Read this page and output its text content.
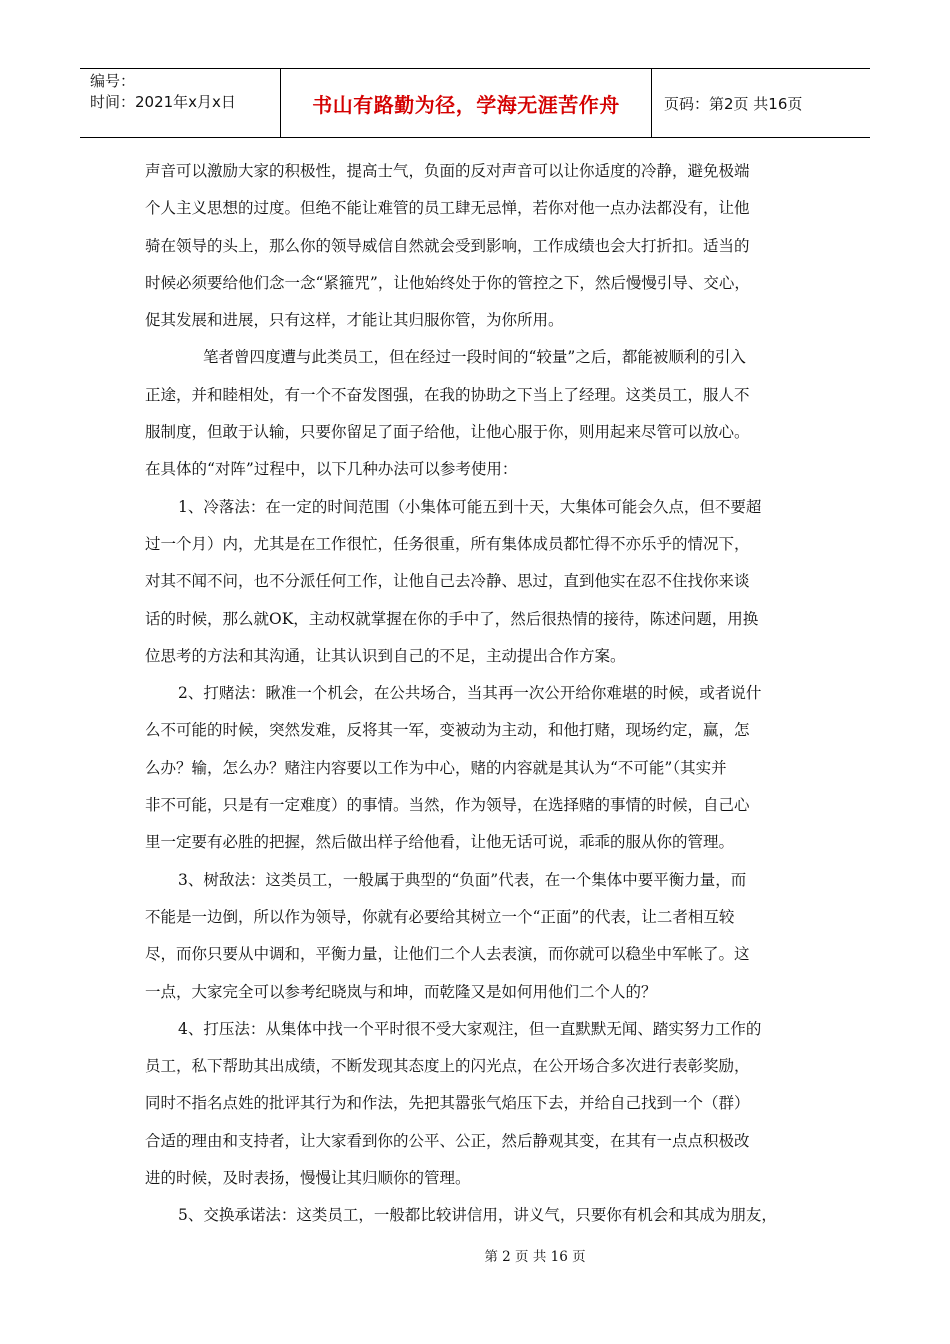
编号：
时间：2021年x月x日	书山有路勤为径，学海无涯苦作舟	页码：第2页 共16页
声音可以激励大家的积极性，提高士气，负面的反对声音可以让你适度的冷静，避免极端
个人主义思想的过度。但绝不能让难管的员工肆无忌惮，若你对他一点办法都没有，让他
骑在领导的头上，那么你的领导威信自然就会受到影响，工作成绩也会大打折扣。适当的
时候必须要给他们念一念“紧箍咒”，让他始终处于你的管控之下，然后慢慢引导、交心，
促其发展和进展，只有这样，才能让其归服你管，为你所用。
笔者曾四度遭与此类员工，但在经过一段时间的“较量”之后，都能被顺利的引入
正途，并和睦相处，有一个不奋发图强，在我的协助之下当上了经理。这类员工，服人不
服制度，但敢于认输，只要你留足了面子给他，让他心服于你，则用起来尽管可以放心。
在具体的“对阵”过程中，以下几种办法可以参考使用：
1、冷落法：在一定的时间范围（小集体可能五到十天，大集体可能会久点，但不要超
过一个月）内，尤其是在工作很忙，任务很重，所有集体成员都忙得不亦乐乎的情况下，
对其不闻不问，也不分派任何工作，让他自己去冷静、思过，直到他实在忍不住找你来谈
话的时候，那么就OK，主动权就掌握在你的手中了，然后很热情的接待，陈述问题，用换
位思考的方法和其沟通，让其认识到自己的不足，主动提出合作方案。
2、打赌法：瞅准一个机会，在公共场合，当其再一次公开给你难堪的时候，或者说什
么不可能的时候，突然发难，反将其一军，变被动为主动，和他打赌，现场约定，赢，怎
么办？输，怎么办？赌注内容要以工作为中心，赌的内容就是其认为“不可能”（其实并
非不可能，只是有一定难度）的事情。当然，作为领导，在选择赌的事情的时候，自己心
里一定要有必胜的把握，然后做出样子给他看，让他无话可说，乖乖的服从你的管理。
3、树敌法：这类员工，一般属于典型的“负面”代表，在一个集体中要平衡力量，而
不能是一边倒，所以作为领导，你就有必要给其树立一个“正面”的代表，让二者相互较
尽，而你只要从中调和，平衡力量，让他们二个人去表演，而你就可以稳坐中军帐了。这
一点，大家完全可以参考纪晓岚与和坤，而乾隆又是如何用他们二个人的？
4、打压法：从集体中找一个平时很不受大家观注，但一直默默无闻、踏实努力工作的
员工，私下帮助其出成绩，不断发现其态度上的闪光点，在公开场合多次进行表彰奖励，
同时不指名点姓的批评其行为和作法，先把其嚣张气焰压下去，并给自己找到一个（群）
合适的理由和支持者，让大家看到你的公平、公正，然后静观其变，在其有一点点积极改
进的时候，及时表扬，慢慢让其归顺你的管理。
5、交换承诺法：这类员工，一般都比较讲信用，讲义气，只要你有机会和其成为朋友，
第 2 页 共 16 页
